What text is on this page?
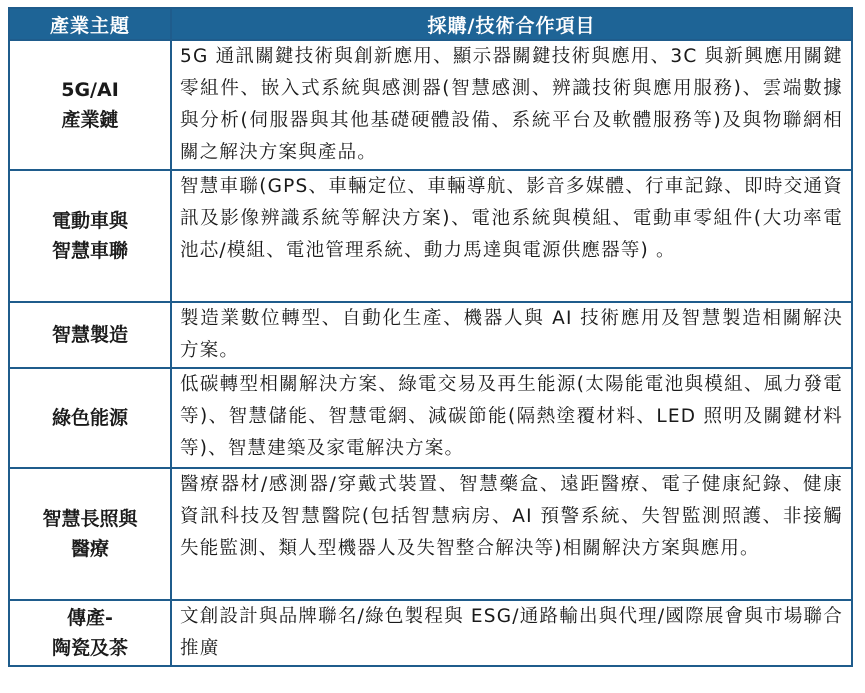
產業主題	採購/技術合作項目

5G/AI
產業鏈	5G 通訊關鍵技術與創新應用、顯示器關鍵技術與應用、3C 與新興應用關鍵零組件、嵌入式系統與感測器(智慧感測、辨識技術與應用服務)、雲端數據與分析(伺服器與其他基礎硬體設備、系統平台及軟體服務等)及與物聯網相關之解決方案與產品。

電動車與
智慧車聯	智慧車聯(GPS、車輛定位、車輛導航、影音多媒體、行車記錄、即時交通資訊及影像辨識系統等解決方案)、電池系統與模組、電動車零組件(大功率電池芯/模組、電池管理系統、動力馬達與電源供應器等) 。

智慧製造	製造業數位轉型、自動化生產、機器人與 AI 技術應用及智慧製造相關解決方案。

綠色能源	低碳轉型相關解決方案、綠電交易及再生能源(太陽能電池與模組、風力發電等)、智慧儲能、智慧電網、減碳節能(隔熱塗覆材料、LED 照明及關鍵材料等)、智慧建築及家電解決方案。

智慧長照與
醫療	醫療器材/感測器/穿戴式裝置、智慧藥盒、遠距醫療、電子健康紀錄、健康資訊科技及智慧醫院(包括智慧病房、AI 預警系統、失智監測照護、非接觸失能監測、類人型機器人及失智整合解決等)相關解決方案與應用。

傳產-
陶瓷及茶	文創設計與品牌聯名/綠色製程與 ESG/通路輸出與代理/國際展會與市場聯合推廣
